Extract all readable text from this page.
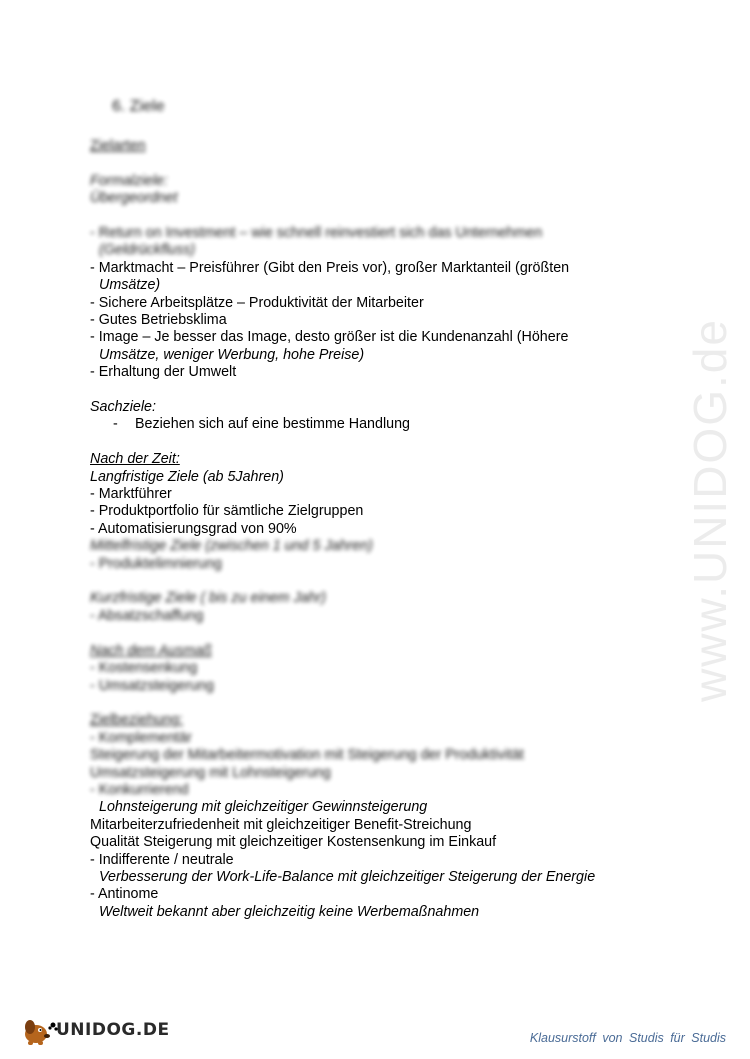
www.UNIDOG.de
6. Ziele
Zielarten
Formalziele:
Übergeordnet
- Return on Investment – wie schnell reinvestiert sich das Unternehmen
(Geldrückfluss)
- Marktmacht – Preisführer (Gibt den Preis vor), großer Marktanteil (größten
Umsätze)
- Sichere Arbeitsplätze – Produktivität der Mitarbeiter
- Gutes Betriebsklima
- Image – Je besser das Image, desto größer ist die Kundenanzahl (Höhere
Umsätze, weniger Werbung, hohe Preise)
- Erhaltung der Umwelt
Sachziele:
- Beziehen sich auf eine bestimme Handlung
Nach der Zeit:
Langfristige Ziele (ab 5Jahren)
- Marktführer
- Produktportfolio für sämtliche Zielgruppen
- Automatisierungsgrad von 90%
Mittelfristige Ziele (zwischen 1 und 5 Jahren)
- Produktelimnierung
Kurzfristige Ziele ( bis zu einem Jahr)
- Absatzschaffung
Nach dem Ausmaß
- Kostensenkung
- Umsatzsteigerung
Zielbeziehung:
- Komplementär
Steigerung der Mitarbeitermotivation mit Steigerung der Produktivität
Umsatzsteigerung mit Lohnsteigerung
- Konkurrierend
Lohnsteigerung mit gleichzeitiger Gewinnsteigerung
Mitarbeiterzufriedenheit mit gleichzeitiger Benefit-Streichung
Qualität Steigerung mit gleichzeitiger Kostensenkung im Einkauf
- Indifferente / neutrale
Verbesserung der Work-Life-Balance mit gleichzeitiger Steigerung der Energie
- Antinome
Weltweit bekannt aber gleichzeitig keine Werbemaßnahmen
UNIDOG.DE	Klausurstoff von Studis für Studis
